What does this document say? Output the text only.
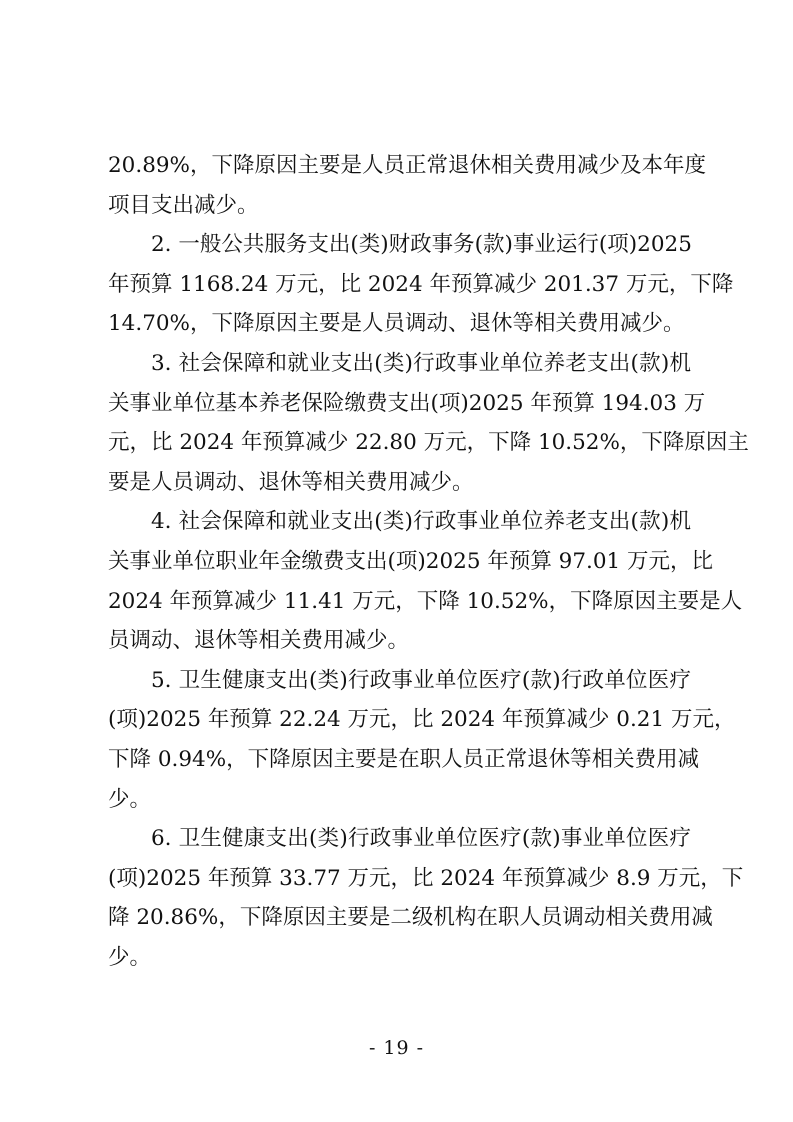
20.89%，下降原因主要是人员正常退休相关费用减少及本年度
项目支出减少。
2. 一般公共服务支出(类)财政事务(款)事业运行(项)2025
年预算 1168.24 万元，比 2024 年预算减少 201.37 万元，下降
14.70%，下降原因主要是人员调动、退休等相关费用减少。
3. 社会保障和就业支出(类)行政事业单位养老支出(款)机
关事业单位基本养老保险缴费支出(项)2025 年预算 194.03 万
元，比 2024 年预算减少 22.80 万元，下降 10.52%，下降原因主
要是人员调动、退休等相关费用减少。
4. 社会保障和就业支出(类)行政事业单位养老支出(款)机
关事业单位职业年金缴费支出(项)2025 年预算 97.01 万元，比
2024 年预算减少 11.41 万元，下降 10.52%，下降原因主要是人
员调动、退休等相关费用减少。
5. 卫生健康支出(类)行政事业单位医疗(款)行政单位医疗
(项)2025 年预算 22.24 万元，比 2024 年预算减少 0.21 万元，
下降 0.94%，下降原因主要是在职人员正常退休等相关费用减
少。
6. 卫生健康支出(类)行政事业单位医疗(款)事业单位医疗
(项)2025 年预算 33.77 万元，比 2024 年预算减少 8.9 万元，下
降 20.86%，下降原因主要是二级机构在职人员调动相关费用减
少。
- 19 -
